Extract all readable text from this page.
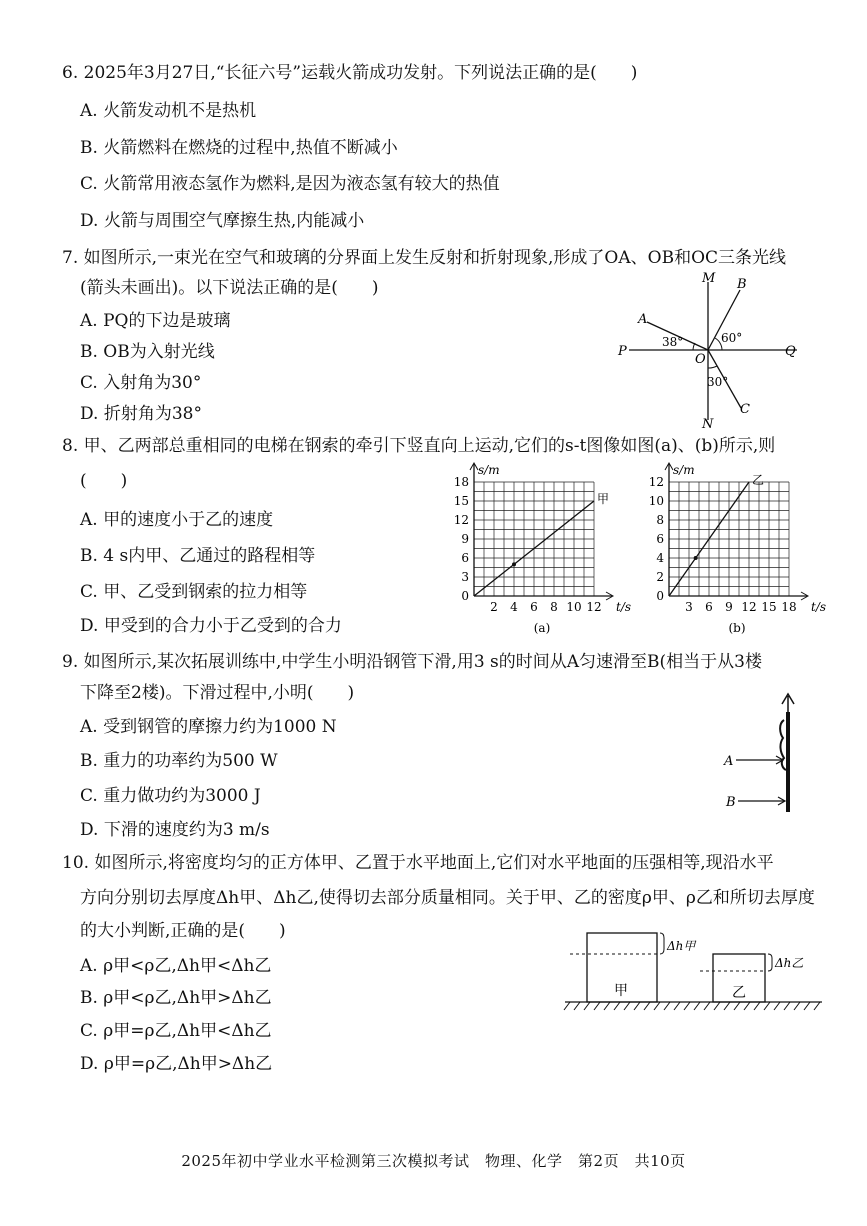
6. 2025年3月27日,“长征六号”运载火箭成功发射。下列说法正确的是(　　)
A. 火箭发动机不是热机
B. 火箭燃料在燃烧的过程中,热值不断减小
C. 火箭常用液态氢作为燃料,是因为液态氢有较大的热值
D. 火箭与周围空气摩擦生热,内能减小
7. 如图所示,一束光在空气和玻璃的分界面上发生反射和折射现象,形成了OA、OB和OC三条光线
(箭头未画出)。以下说法正确的是(　　)
A. PQ的下边是玻璃
B. OB为入射光线
C. 入射角为30°
D. 折射角为38°
M
N
P	Q
O
A
B
C
38°	60°
30°
8. 甲、乙两部总重相同的电梯在钢索的牵引下竖直向上运动,它们的s-t图像如图(a)、(b)所示,则
(　　)
A. 甲的速度小于乙的速度
B. 4 s内甲、乙通过的路程相等
C. 甲、乙受到钢索的拉力相等
D. 甲受到的合力小于乙受到的合力
2 4 6 8 10 12
3
6
9
12
15
18
0
t/s
s/m
甲
(a)
3 6 9 12 15 18
2
4
6
8
10
12
0
t/s
s/m
乙
(b)
9. 如图所示,某次拓展训练中,中学生小明沿钢管下滑,用3 s的时间从A匀速滑至B(相当于从3楼
下降至2楼)。下滑过程中,小明(　　)
A. 受到钢管的摩擦力约为1000 N
B. 重力的功率约为500 W
C. 重力做功约为3000 J
D. 下滑的速度约为3 m/s
A
B
10. 如图所示,将密度均匀的正方体甲、乙置于水平地面上,它们对水平地面的压强相等,现沿水平
方向分别切去厚度Δh甲、Δh乙,使得切去部分质量相同。关于甲、乙的密度ρ甲、ρ乙和所切去厚度
的大小判断,正确的是(　　)
A. ρ甲<ρ乙,Δh甲<Δh乙
B. ρ甲<ρ乙,Δh甲>Δh乙
C. ρ甲=ρ乙,Δh甲<Δh乙
D. ρ甲=ρ乙,Δh甲>Δh乙
甲	乙
Δh甲
Δh乙
2025年初中学业水平检测第三次模拟考试　物理、化学　第2页　共10页
